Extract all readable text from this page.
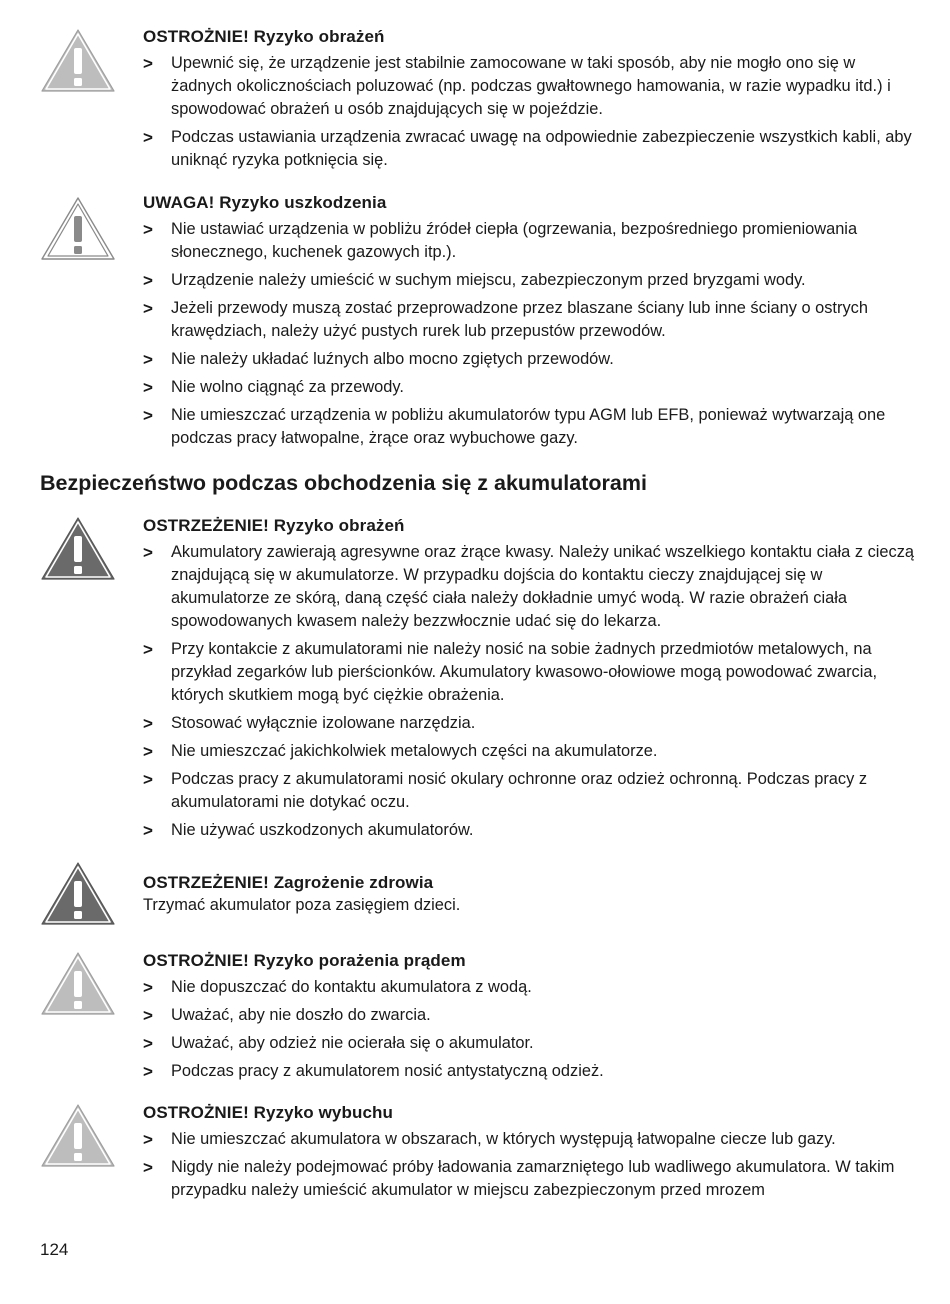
OSTROŻNIE! Ryzyko obrażeń

> Upewnić się, że urządzenie jest stabilnie zamocowane w taki sposób, aby nie mogło ono się w żadnych okolicznościach poluzować (np. podczas gwałtownego hamowania, w razie wypadku itd.) i spowodować obrażeń u osób znajdujących się w pojeździe.
> Podczas ustawiania urządzenia zwracać uwagę na odpowiednie zabezpieczenie wszystkich kabli, aby uniknąć ryzyka potknięcia się.

UWAGA! Ryzyko uszkodzenia

> Nie ustawiać urządzenia w pobliżu źródeł ciepła (ogrzewania, bezpośredniego promieniowania słonecznego, kuchenek gazowych itp.).
> Urządzenie należy umieścić w suchym miejscu, zabezpieczonym przed bryzgami wody.
> Jeżeli przewody muszą zostać przeprowadzone przez blaszane ściany lub inne ściany o ostrych krawędziach, należy użyć pustych rurek lub przepustów przewodów.
> Nie należy układać luźnych albo mocno zgiętych przewodów.
> Nie wolno ciągnąć za przewody.
> Nie umieszczać urządzenia w pobliżu akumulatorów typu AGM lub EFB, ponieważ wytwarzają one podczas pracy łatwopalne, żrące oraz wybuchowe gazy.
Bezpieczeństwo podczas obchodzenia się z akumulatorami

OSTRZEŻENIE! Ryzyko obrażeń

> Akumulatory zawierają agresywne oraz żrące kwasy. Należy unikać wszelkiego kontaktu ciała z cieczą znajdującą się w akumulatorze. W przypadku dojścia do kontaktu cieczy znajdującej się w akumulatorze ze skórą, daną część ciała należy dokładnie umyć wodą. W razie obrażeń ciała spowodowanych kwasem należy bezzwłocznie udać się do lekarza.
> Przy kontakcie z akumulatorami nie należy nosić na sobie żadnych przedmiotów metalowych, na przykład zegarków lub pierścionków. Akumulatory kwasowo-ołowiowe mogą powodować zwarcia, których skutkiem mogą być ciężkie obrażenia.
> Stosować wyłącznie izolowane narzędzia.
> Nie umieszczać jakichkolwiek metalowych części na akumulatorze.
> Podczas pracy z akumulatorami nosić okulary ochronne oraz odzież ochronną. Podczas pracy z akumulatorami nie dotykać oczu.
> Nie używać uszkodzonych akumulatorów.

OSTRZEŻENIE! Zagrożenie zdrowia

Trzymać akumulator poza zasięgiem dzieci.

OSTROŻNIE! Ryzyko porażenia prądem

> Nie dopuszczać do kontaktu akumulatora z wodą.
> Uważać, aby nie doszło do zwarcia.
> Uważać, aby odzież nie ocierała się o akumulator.
> Podczas pracy z akumulatorem nosić antystatyczną odzież.

OSTROŻNIE! Ryzyko wybuchu

> Nie umieszczać akumulatora w obszarach, w których występują łatwopalne ciecze lub gazy.
> Nigdy nie należy podejmować próby ładowania zamarzniętego lub wadliwego akumulatora. W takim przypadku należy umieścić akumulator w miejscu zabezpieczonym przed mrozem
124
